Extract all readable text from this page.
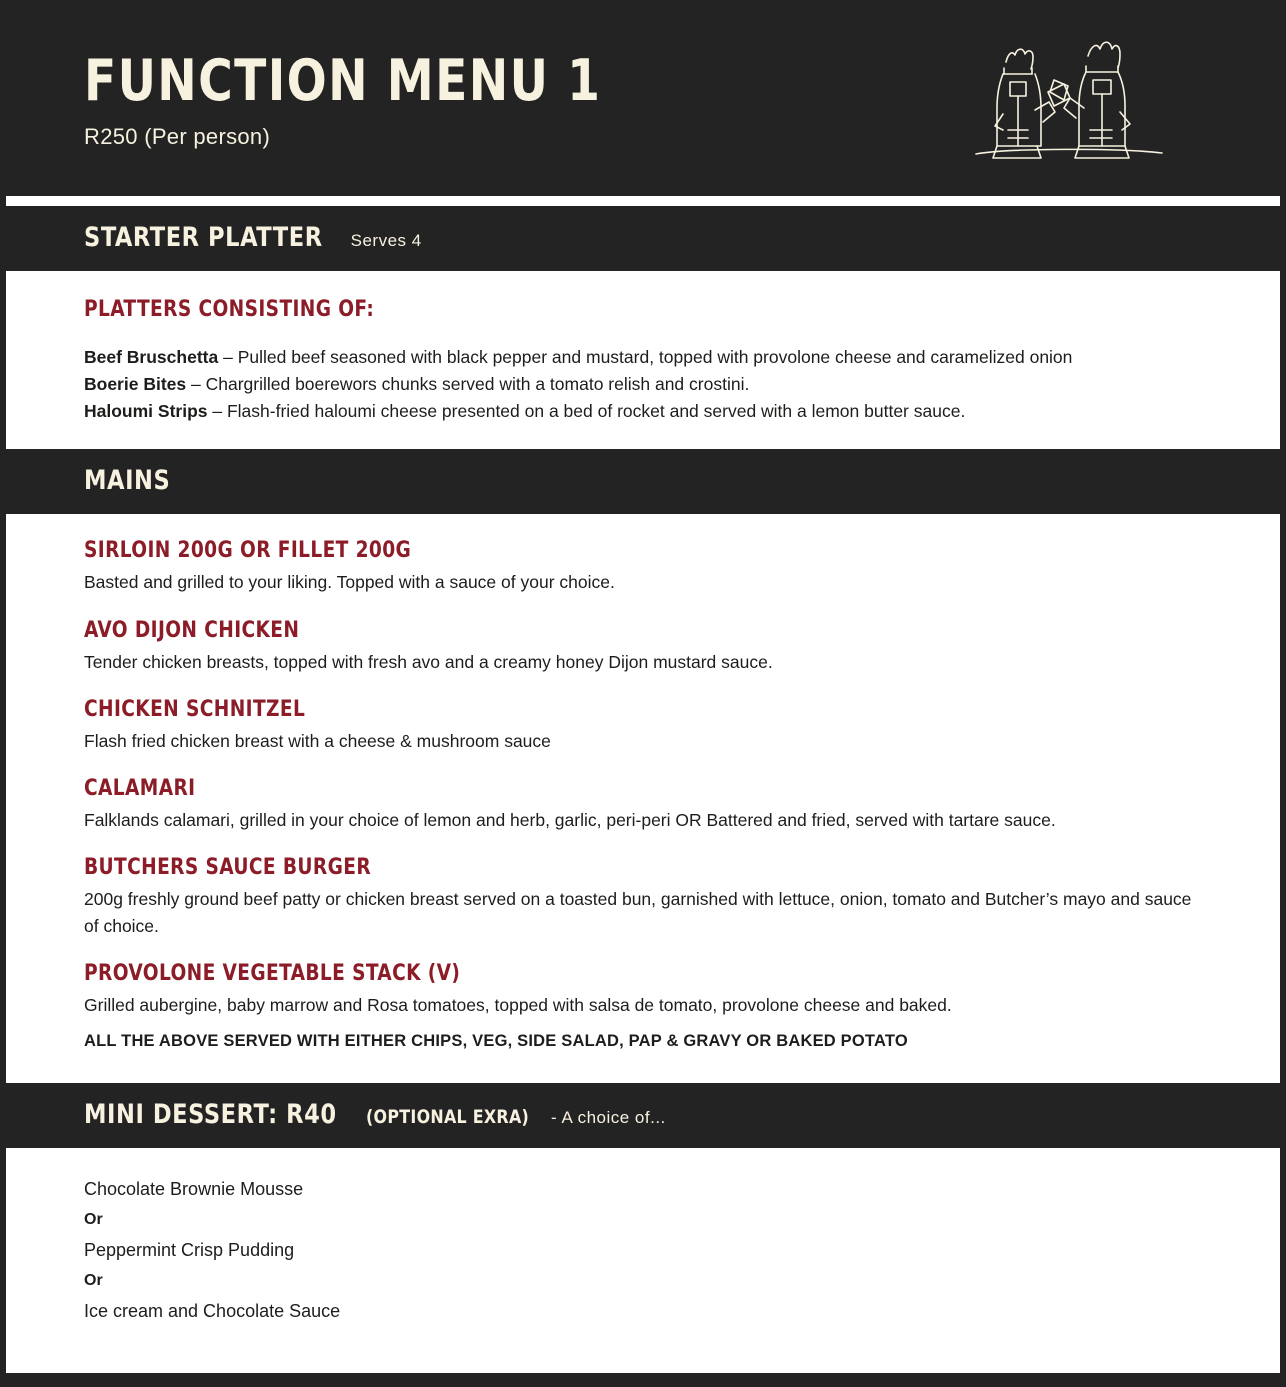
FUNCTION MENU 1

R250 (Per person)

STARTER PLATTER Serves 4
PLATTERS CONSISTING OF:
Beef Bruschetta – Pulled beef seasoned with black pepper and mustard, topped with provolone cheese and caramelized onion
Boerie Bites – Chargrilled boerewors chunks served with a tomato relish and crostini.
Haloumi Strips – Flash-fried haloumi cheese presented on a bed of rocket and served with a lemon butter sauce.
MAINS
SIRLOIN 200G OR FILLET 200G

Basted and grilled to your liking. Topped with a sauce of your choice.

AVO DIJON CHICKEN

Tender chicken breasts, topped with fresh avo and a creamy honey Dijon mustard sauce.

CHICKEN SCHNITZEL

Flash fried chicken breast with a cheese & mushroom sauce

CALAMARI

Falklands calamari, grilled in your choice of lemon and herb, garlic, peri-peri OR Battered and fried, served with tartare sauce.

BUTCHERS SAUCE BURGER

200g freshly ground beef patty or chicken breast served on a toasted bun, garnished with lettuce, onion, tomato and Butcher’s mayo and sauce of choice.

PROVOLONE VEGETABLE STACK (V)

Grilled aubergine, baby marrow and Rosa tomatoes, topped with salsa de tomato, provolone cheese and baked.

ALL THE ABOVE SERVED WITH EITHER CHIPS, VEG, SIDE SALAD, PAP & GRAVY OR BAKED POTATO

MINI DESSERT: R40 (OPTIONAL EXRA) - A choice of...

Chocolate Brownie Mousse

Or

Peppermint Crisp Pudding

Or

Ice cream and Chocolate Sauce
